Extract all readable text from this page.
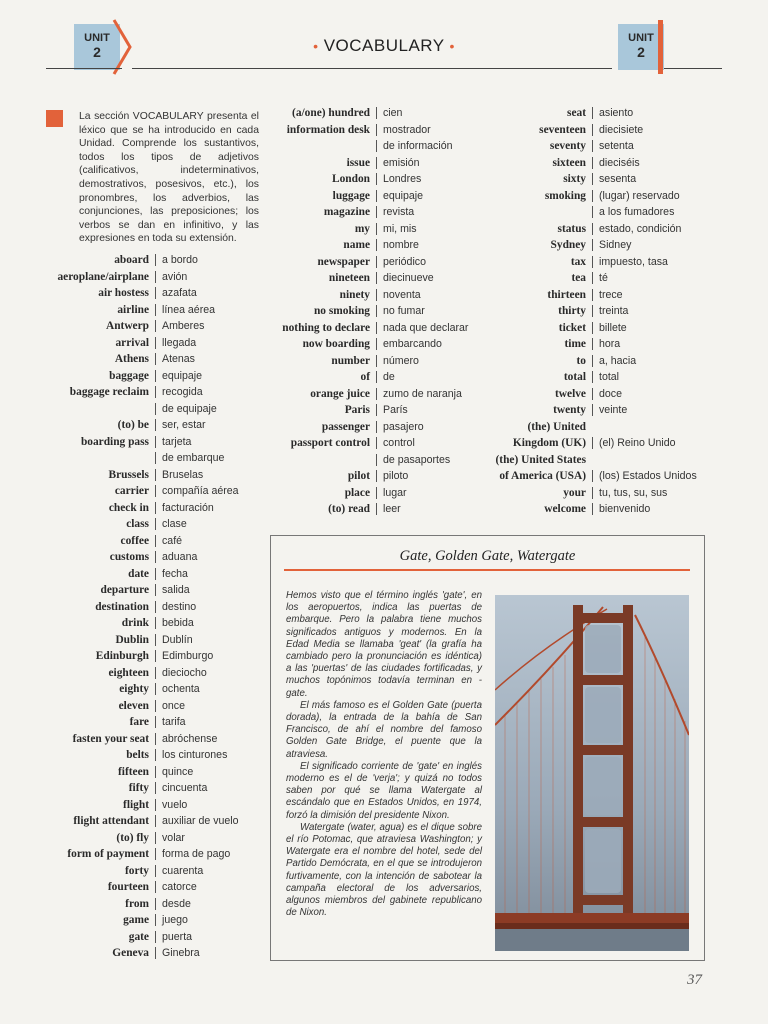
UNIT
2	• VOCABULARY •	UNIT
2
La sección VOCABULARY presenta el léxico que se ha introducido en cada Unidad. Comprende los sustantivos, todos los tipos de adjetivos (calificativos, indeterminativos, demostrativos, posesivos, etc.), los pronombres, los adverbios, las conjunciones, las preposiciones; los verbos se dan en infinitivo, y las expresiones en toda su extensión.
aboard	a bordo
aeroplane/airplane	avión
air hostess	azafata
airline	línea aérea
Antwerp	Amberes
arrival	llegada
Athens	Atenas
baggage	equipaje
baggage reclaim	recogida
de equipaje
(to) be	ser, estar
boarding pass	tarjeta
de embarque
Brussels	Bruselas
carrier	compañía aérea
check in	facturación
class	clase
coffee	café
customs	aduana
date	fecha
departure	salida
destination	destino
drink	bebida
Dublin	Dublín
Edinburgh	Edimburgo
eighteen	dieciocho
eighty	ochenta
eleven	once
fare	tarifa
fasten your seat	abróchense
belts	los cinturones
fifteen	quince
fifty	cincuenta
flight	vuelo
flight attendant	auxiliar de vuelo
(to) fly	volar
form of payment	forma de pago
forty	cuarenta
fourteen	catorce
from	desde
game	juego
gate	puerta
Geneva	Ginebra
(a/one) hundred	cien
information desk	mostrador
de información
issue	emisión
London	Londres
luggage	equipaje
magazine	revista
my	mi, mis
name	nombre
newspaper	periódico
nineteen	diecinueve
ninety	noventa
no smoking	no fumar
nothing to declare	nada que declarar
now boarding	embarcando
number	número
of	de
orange juice	zumo de naranja
Paris	París
passenger	pasajero
passport control	control
de pasaportes
pilot	piloto
place	lugar
(to) read	leer
seat	asiento
seventeen	diecisiete
seventy	setenta
sixteen	dieciséis
sixty	sesenta
smoking	(lugar) reservado
a los fumadores
status	estado, condición
Sydney	Sidney
tax	impuesto, tasa
tea	té
thirteen	trece
thirty	treinta
ticket	billete
time	hora
to	a, hacia
total	total
twelve	doce
twenty	veinte
(the) United
Kingdom (UK)	(el) Reino Unido
(the) United States
of America (USA)	(los) Estados Unidos
your	tu, tus, su, sus
welcome	bienvenido
Gate, Golden Gate, Watergate

Hemos visto que el término inglés 'gate', en los aeropuertos, indica las puertas de embarque. Pero la palabra tiene muchos significados antiguos y modernos. En la Edad Media se llamaba 'geat' (la grafía ha cambiado pero la pronunciación es idéntica) a las 'puertas' de las ciudades fortificadas, y muchos topónimos todavía terminan en -gate.

El más famoso es el Golden Gate (puerta dorada), la entrada de la bahía de San Francisco, de ahí el nombre del famoso Golden Gate Bridge, el puente que la atraviesa.

El significado corriente de 'gate' en inglés moderno es el de 'verja'; y quizá no todos saben por qué se llama Watergate al escándalo que en Estados Unidos, en 1974, forzó la dimisión del presidente Nixon.

Watergate (water, agua) es el dique sobre el río Potomac, que atraviesa Washington; y Watergate era el nombre del hotel, sede del Partido Demócrata, en el que se introdujeron furtivamente, con la intención de sabotear la campaña electoral de los adversarios, algunos miembros del gabinete republicano de Nixon.

37
